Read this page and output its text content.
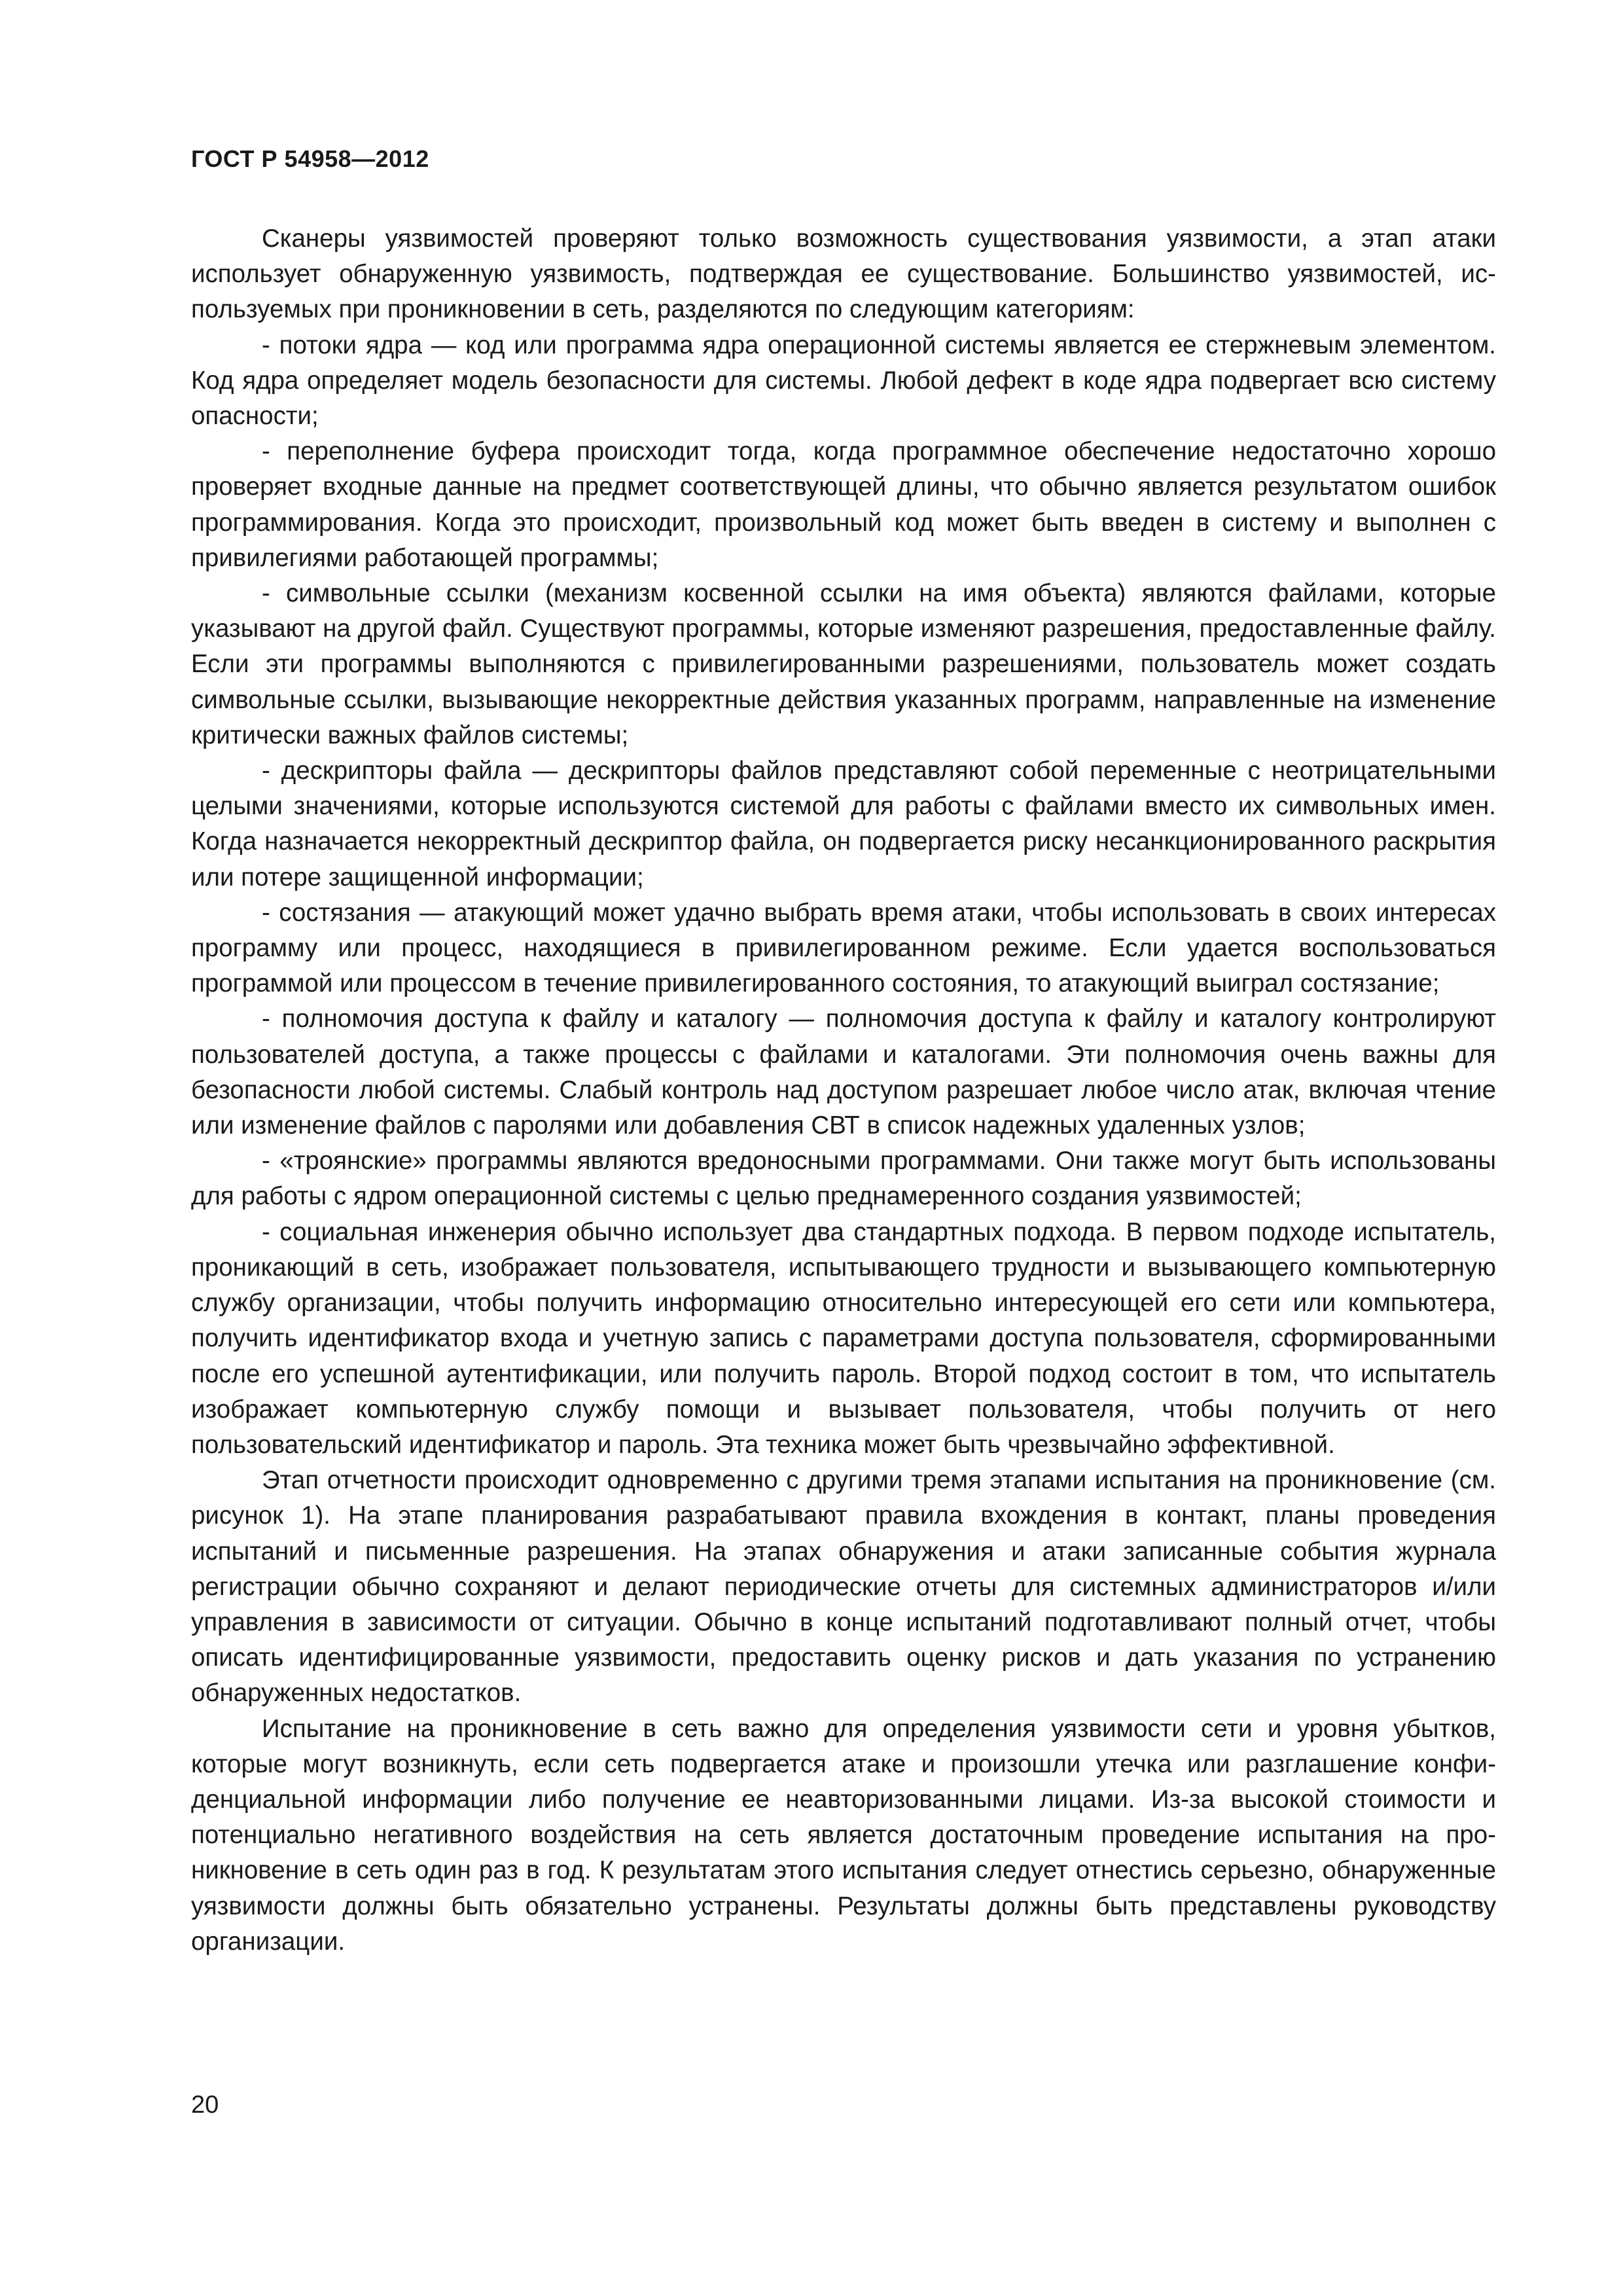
ГОСТ Р 54958—2012

Сканеры уязвимостей проверяют только возможность существования уязвимости, а этап атаки использует обнаруженную уязвимость, подтверждая ее существование. Большинство уязвимостей, используемых при проникновении в сеть, разделяются по следующим категориям:

- потоки ядра — код или программа ядра операционной системы является ее стержневым элементом. Код ядра определяет модель безопасности для системы. Любой дефект в коде ядра подвергает всю систему опасности;

- переполнение буфера происходит тогда, когда программное обеспечение недостаточно хорошо проверяет входные данные на предмет соответствующей длины, что обычно является результатом ошибок программирования. Когда это происходит, произвольный код может быть введен в систему и выполнен с привилегиями работающей программы;

- символьные ссылки (механизм косвенной ссылки на имя объекта) являются файлами, которые указывают на другой файл. Существуют программы, которые изменяют разрешения, предоставленные файлу. Если эти программы выполняются с привилегированными разрешениями, пользователь может создать символьные ссылки, вызывающие некорректные действия указанных программ, направленные на изменение критически важных файлов системы;

- дескрипторы файла — дескрипторы файлов представляют собой переменные с неотрицательными целыми значениями, которые используются системой для работы с файлами вместо их символьных имен. Когда назначается некорректный дескриптор файла, он подвергается риску несанкционированного раскрытия или потере защищенной информации;

- состязания — атакующий может удачно выбрать время атаки, чтобы использовать в своих интересах программу или процесс, находящиеся в привилегированном режиме. Если удается воспользоваться программой или процессом в течение привилегированного состояния, то атакующий выиграл состязание;

- полномочия доступа к файлу и каталогу — полномочия доступа к файлу и каталогу контролируют пользователей доступа, а также процессы с файлами и каталогами. Эти полномочия очень важны для безопасности любой системы. Слабый контроль над доступом разрешает любое число атак, включая чтение или изменение файлов с паролями или добавления СВТ в список надежных удаленных узлов;

- «троянские» программы являются вредоносными программами. Они также могут быть использованы для работы с ядром операционной системы с целью преднамеренного создания уязвимостей;

- социальная инженерия обычно использует два стандартных подхода. В первом подходе испытатель, проникающий в сеть, изображает пользователя, испытывающего трудности и вызывающего компьютерную службу организации, чтобы получить информацию относительно интересующей его сети или компьютера, получить идентификатор входа и учетную запись с параметрами доступа пользователя, сформированными после его успешной аутентификации, или получить пароль. Второй подход состоит в том, что испытатель изображает компьютерную службу помощи и вызывает пользователя, чтобы получить от него пользовательский идентификатор и пароль. Эта техника может быть чрезвычайно эффективной.

Этап отчетности происходит одновременно с другими тремя этапами испытания на проникновение (см. рисунок 1). На этапе планирования разрабатывают правила вхождения в контакт, планы проведения испытаний и письменные разрешения. На этапах обнаружения и атаки записанные события журнала регистрации обычно сохраняют и делают периодические отчеты для системных администраторов и/или управления в зависимости от ситуации. Обычно в конце испытаний подготавливают полный отчет, чтобы описать идентифицированные уязвимости, предоставить оценку рисков и дать указания по устранению обнаруженных недостатков.

Испытание на проникновение в сеть важно для определения уязвимости сети и уровня убытков, которые могут возникнуть, если сеть подвергается атаке и произошли утечка или разглашение конфиденциальной информации либо получение ее неавторизованными лицами. Из-за высокой стоимости и потенциально негативного воздействия на сеть является достаточным проведение испытания на проникновение в сеть один раз в год. К результатам этого испытания следует отнестись серьезно, обнаруженные уязвимости должны быть обязательно устранены. Результаты должны быть представлены руководству организации.

20
